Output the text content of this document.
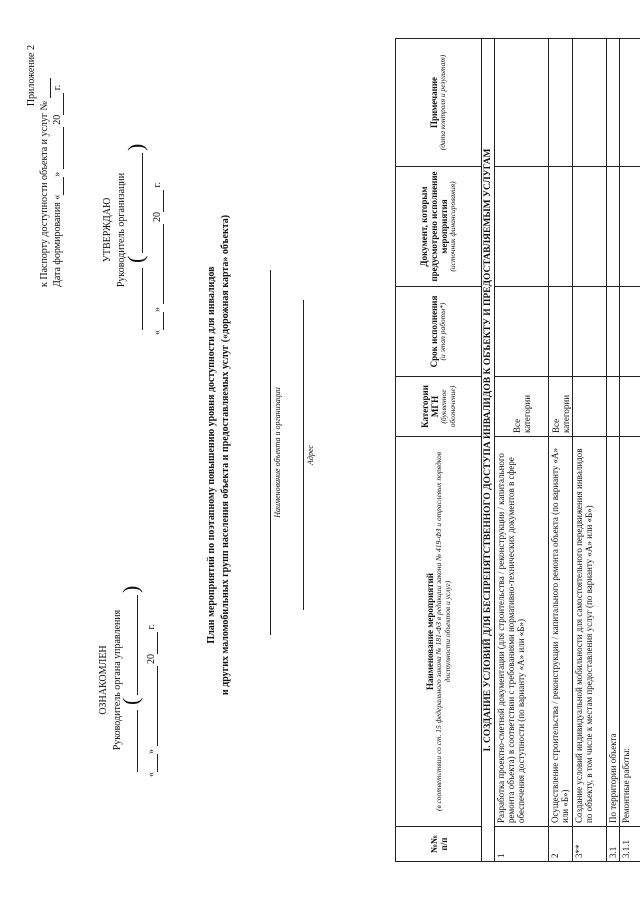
Приложение 2
к Паспорту доступности объекта и услуг № Дата формирования « »   20  г.
ОЗНАКОМЛЕН Руководитель органа управления
(
)
« »   20  г.
УТВЕРЖДАЮ Руководитель организации
(
)
« »   20  г.
План мероприятий по поэтапному повышению уровня доступности для инвалидов и других маломобильных групп населения объекта и предоставляемых услуг («дорожная карта» объекта)	Наименование объекта и организации	Адрес
№№ п/п	Наименование мероприятий (в соответствии со ст. 15 федерального закона № 181-ФЗ в редакции закона № 419-ФЗ и отраслевых порядков доступности объектов и услуг)	Категории МГН (буквенное обозначение)	Срок исполнения (и этап работы*)	Документ, которым предусмотрено исполнение мероприятия (источник финансирования)	Примечание (дата контроля и результат)

I. СОЗДАНИЕ УСЛОВИЙ ДЛЯ БЕСПРЕПЯТСТВЕННОГО ДОСТУПА ИНВАЛИДОВ К ОБЪЕКТУ И ПРЕДОСТАВЛЯЕМЫМ УСЛУГАМ					
1	Разработка проектно-сметной документации (для строительства / реконструкции / капитального ремонта объекта) в соответствии с требованиями нормативно-технических документов в сфере обеспечения доступности (по варианту «А» или «Б»)	Все категории			
2	Осуществление строительства / реконструкции / капитального ремонта объекта (по варианту «А» или «Б»)	Все категории			
3**	Создание условий индивидуальной мобильности для самостоятельного передвижения инвалидов по объекту, в том числе к местам предоставления услуг (по варианту «А» или «Б»)				
3.1	По территории объекта				
3.1.1	Ремонтные работы:				
